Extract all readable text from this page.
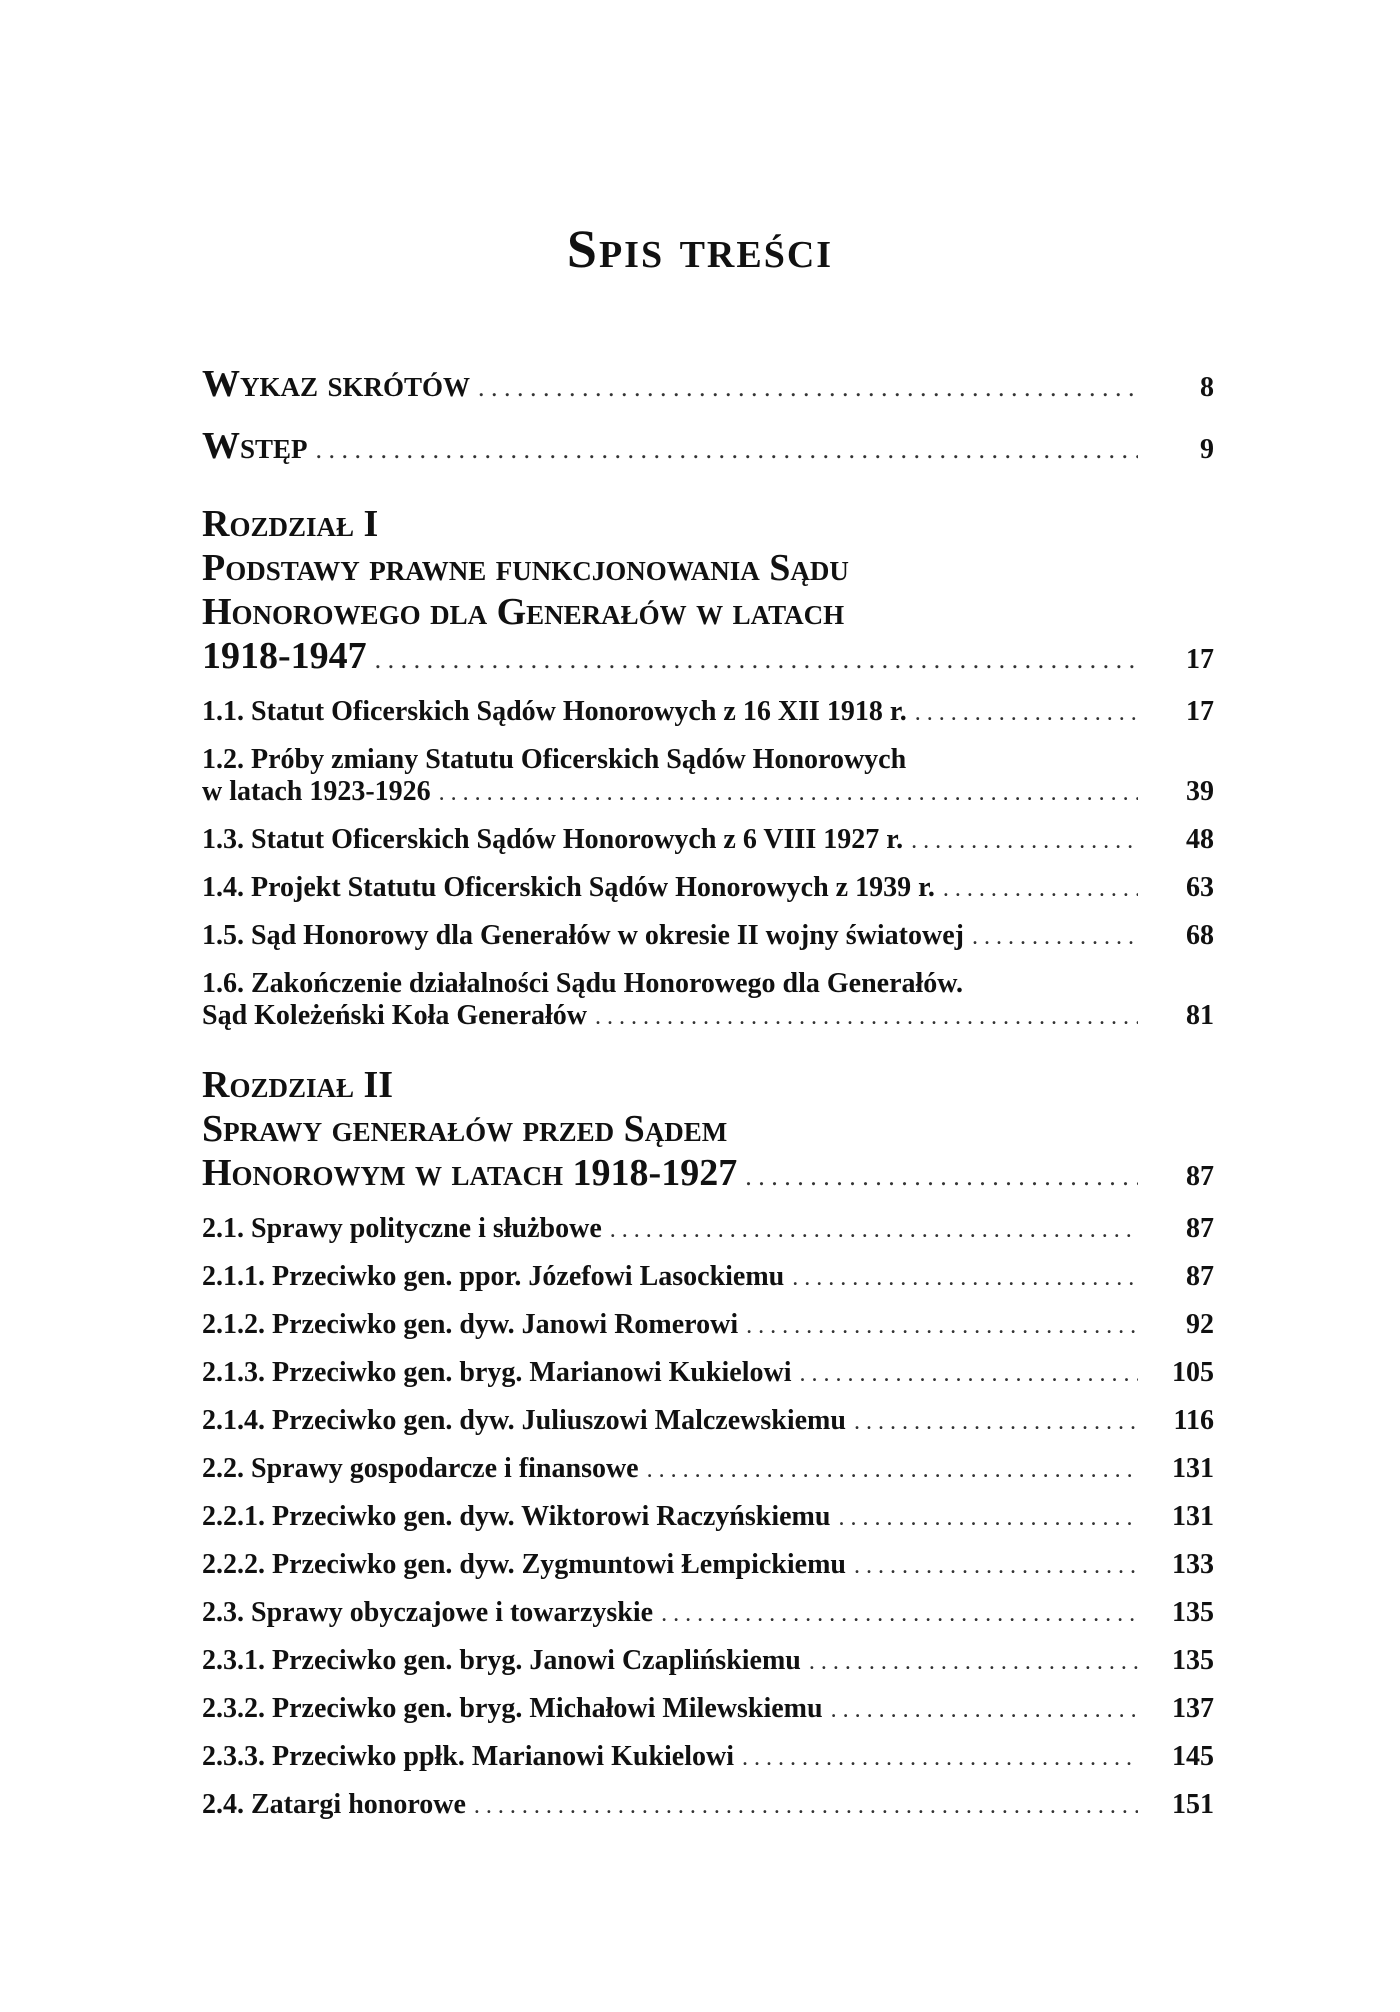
Spis treści
Wykaz skrótów . . .	8
Wstęp . . .	9
Rozdział I
Podstawy prawne funkcjonowania Sądu
Honorowego dla Generałów w latach
1918-1947 . . .	17
1.1. Statut Oficerskich Sądów Honorowych z 16 XII 1918 r. . . .	17
1.2. Próby zmiany Statutu Oficerskich Sądów Honorowych
w latach 1923-1926 . . .	39
1.3. Statut Oficerskich Sądów Honorowych z 6 VIII 1927 r. . . .	48
1.4. Projekt Statutu Oficerskich Sądów Honorowych z 1939 r. . . .	63
1.5. Sąd Honorowy dla Generałów w okresie II wojny światowej . . .	68
1.6. Zakończenie działalności Sądu Honorowego dla Generałów.
Sąd Koleżeński Koła Generałów . . .	81
Rozdział II
Sprawy generałów przed Sądem
Honorowym w latach 1918-1927 . . .	87
2.1. Sprawy polityczne i służbowe . . .	87
2.1.1. Przeciwko gen. ppor. Józefowi Lasockiemu . . .	87
2.1.2. Przeciwko gen. dyw. Janowi Romerowi . . .	92
2.1.3. Przeciwko gen. bryg. Marianowi Kukielowi . . .	105
2.1.4. Przeciwko gen. dyw. Juliuszowi Malczewskiemu . . .	116
2.2. Sprawy gospodarcze i finansowe . . .	131
2.2.1. Przeciwko gen. dyw. Wiktorowi Raczyńskiemu . . .	131
2.2.2. Przeciwko gen. dyw. Zygmuntowi Łempickiemu . . .	133
2.3. Sprawy obyczajowe i towarzyskie . . .	135
2.3.1. Przeciwko gen. bryg. Janowi Czaplińskiemu . . .	135
2.3.2. Przeciwko gen. bryg. Michałowi Milewskiemu . . .	137
2.3.3. Przeciwko ppłk. Marianowi Kukielowi . . .	145
2.4. Zatargi honorowe . . .	151
